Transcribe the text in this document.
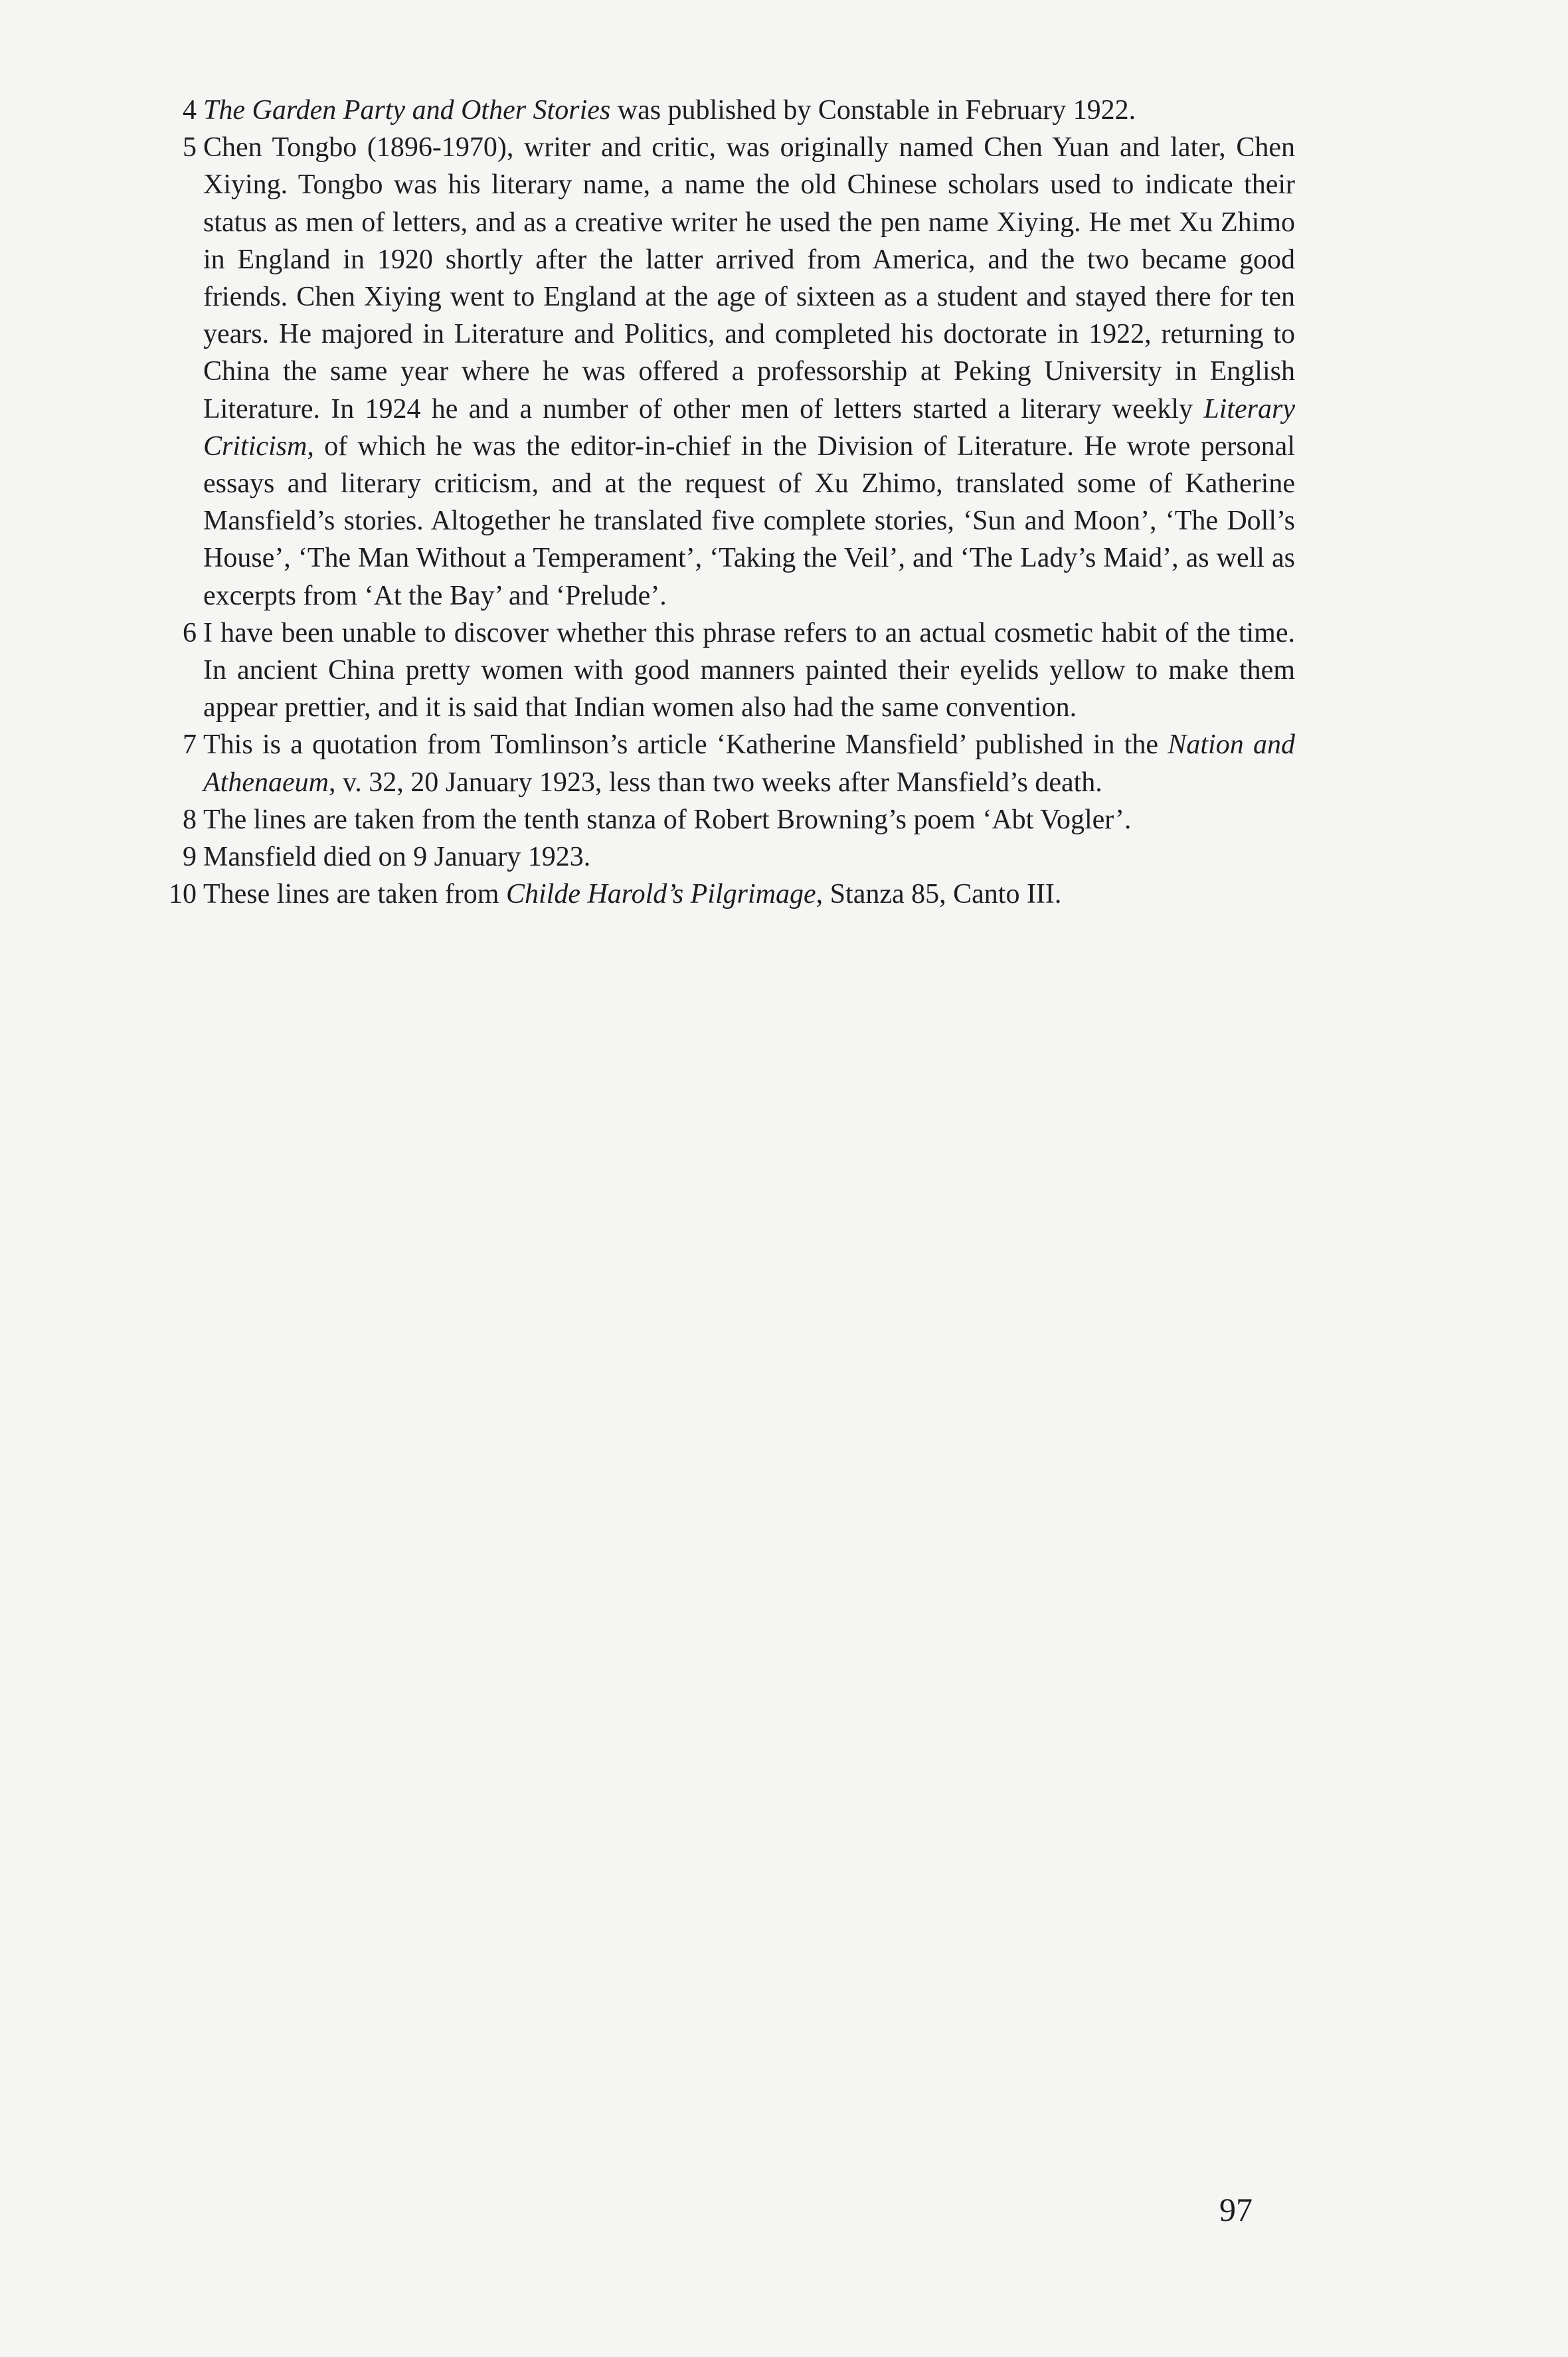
4 The Garden Party and Other Stories was published by Constable in February 1922.
5 Chen Tongbo (1896-1970), writer and critic, was originally named Chen Yuan and later, Chen Xiying. Tongbo was his literary name, a name the old Chinese scholars used to indicate their status as men of letters, and as a creative writer he used the pen name Xiying. He met Xu Zhimo in England in 1920 shortly after the latter arrived from America, and the two became good friends. Chen Xiying went to England at the age of sixteen as a student and stayed there for ten years. He majored in Literature and Politics, and completed his doctorate in 1922, returning to China the same year where he was offered a professorship at Peking University in English Literature. In 1924 he and a number of other men of letters started a literary weekly Literary Criticism, of which he was the editor-in-chief in the Division of Literature. He wrote personal essays and literary criticism, and at the request of Xu Zhimo, translated some of Katherine Mansfield’s stories. Altogether he translated five complete stories, ‘Sun and Moon’, ‘The Doll’s House’, ‘The Man Without a Temperament’, ‘Taking the Veil’, and ‘The Lady’s Maid’, as well as excerpts from ‘At the Bay’ and ‘Prelude’.
6 I have been unable to discover whether this phrase refers to an actual cosmetic habit of the time. In ancient China pretty women with good manners painted their eyelids yellow to make them appear prettier, and it is said that Indian women also had the same convention.
7 This is a quotation from Tomlinson’s article ‘Katherine Mansfield’ published in the Nation and Athenaeum, v. 32, 20 January 1923, less than two weeks after Mansfield’s death.
8 The lines are taken from the tenth stanza of Robert Browning’s poem ‘Abt Vogler’.
9 Mansfield died on 9 January 1923.
10 These lines are taken from Childe Harold’s Pilgrimage, Stanza 85, Canto III.
97
